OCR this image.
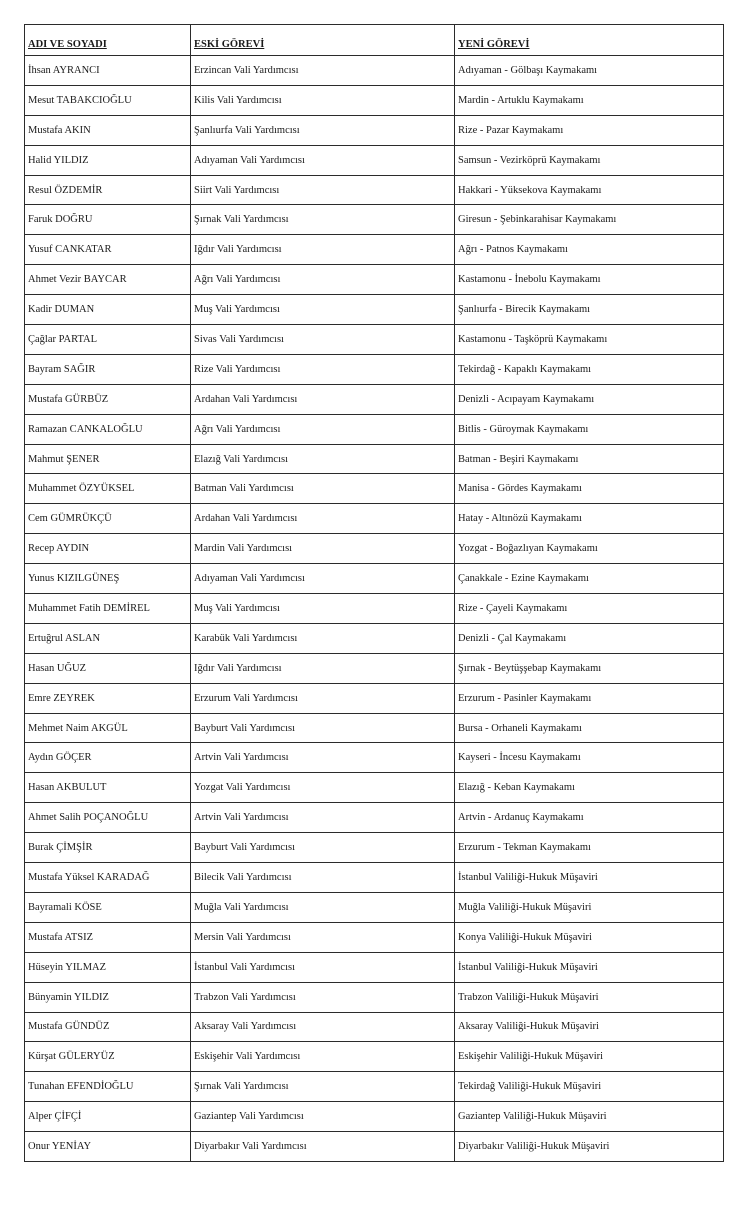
ADI VE SOYADI	ESKİ GÖREVİ	YENİ GÖREVİ
İhsan AYRANCI	Erzincan Vali Yardımcısı	Adıyaman - Gölbaşı Kaymakamı
Mesut TABAKCIOĞLU	Kilis Vali Yardımcısı	Mardin - Artuklu Kaymakamı
Mustafa AKIN	Şanlıurfa Vali Yardımcısı	Rize - Pazar Kaymakamı
Halid YILDIZ	Adıyaman Vali Yardımcısı	Samsun - Vezirköprü Kaymakamı
Resul ÖZDEMİR	Siirt Vali Yardımcısı	Hakkari - Yüksekova Kaymakamı
Faruk DOĞRU	Şırnak Vali Yardımcısı	Giresun - Şebinkarahisar Kaymakamı
Yusuf CANKATAR	Iğdır Vali Yardımcısı	Ağrı - Patnos Kaymakamı
Ahmet Vezir BAYCAR	Ağrı Vali Yardımcısı	Kastamonu - İnebolu Kaymakamı
Kadir DUMAN	Muş Vali Yardımcısı	Şanlıurfa - Birecik Kaymakamı
Çağlar PARTAL	Sivas Vali Yardımcısı	Kastamonu - Taşköprü Kaymakamı
Bayram SAĞIR	Rize Vali Yardımcısı	Tekirdağ - Kapaklı Kaymakamı
Mustafa GÜRBÜZ	Ardahan Vali Yardımcısı	Denizli - Acıpayam Kaymakamı
Ramazan CANKALOĞLU	Ağrı Vali Yardımcısı	Bitlis - Güroymak Kaymakamı
Mahmut ŞENER	Elazığ Vali Yardımcısı	Batman - Beşiri Kaymakamı
Muhammet ÖZYÜKSEL	Batman Vali Yardımcısı	Manisa - Gördes Kaymakamı
Cem GÜMRÜKÇÜ	Ardahan Vali Yardımcısı	Hatay - Altınözü Kaymakamı
Recep AYDIN	Mardin Vali Yardımcısı	Yozgat - Boğazlıyan Kaymakamı
Yunus KIZILGÜNEŞ	Adıyaman Vali Yardımcısı	Çanakkale - Ezine Kaymakamı
Muhammet Fatih DEMİREL	Muş Vali Yardımcısı	Rize - Çayeli Kaymakamı
Ertuğrul ASLAN	Karabük Vali Yardımcısı	Denizli - Çal Kaymakamı
Hasan UĞUZ	Iğdır Vali Yardımcısı	Şırnak - Beytüşşebap Kaymakamı
Emre ZEYREK	Erzurum Vali Yardımcısı	Erzurum - Pasinler Kaymakamı
Mehmet Naim AKGÜL	Bayburt Vali Yardımcısı	Bursa - Orhaneli Kaymakamı
Aydın GÖÇER	Artvin Vali Yardımcısı	Kayseri - İncesu Kaymakamı
Hasan AKBULUT	Yozgat Vali Yardımcısı	Elazığ - Keban Kaymakamı
Ahmet Salih POÇANOĞLU	Artvin Vali Yardımcısı	Artvin - Ardanuç Kaymakamı
Burak ÇİMŞİR	Bayburt Vali Yardımcısı	Erzurum - Tekman Kaymakamı
Mustafa Yüksel KARADAĞ	Bilecik Vali Yardımcısı	İstanbul Valiliği-Hukuk Müşaviri
Bayramali KÖSE	Muğla Vali Yardımcısı	Muğla Valiliği-Hukuk Müşaviri
Mustafa ATSIZ	Mersin Vali Yardımcısı	Konya Valiliği-Hukuk Müşaviri
Hüseyin YILMAZ	İstanbul Vali Yardımcısı	İstanbul Valiliği-Hukuk Müşaviri
Bünyamin YILDIZ	Trabzon Vali Yardımcısı	Trabzon Valiliği-Hukuk Müşaviri
Mustafa GÜNDÜZ	Aksaray Vali Yardımcısı	Aksaray Valiliği-Hukuk Müşaviri
Kürşat GÜLERYÜZ	Eskişehir Vali Yardımcısı	Eskişehir Valiliği-Hukuk Müşaviri
Tunahan EFENDİOĞLU	Şırnak Vali Yardımcısı	Tekirdağ Valiliği-Hukuk Müşaviri
Alper ÇİFÇİ	Gaziantep Vali Yardımcısı	Gaziantep Valiliği-Hukuk Müşaviri
Onur YENİAY	Diyarbakır Vali Yardımcısı	Diyarbakır Valiliği-Hukuk Müşaviri
